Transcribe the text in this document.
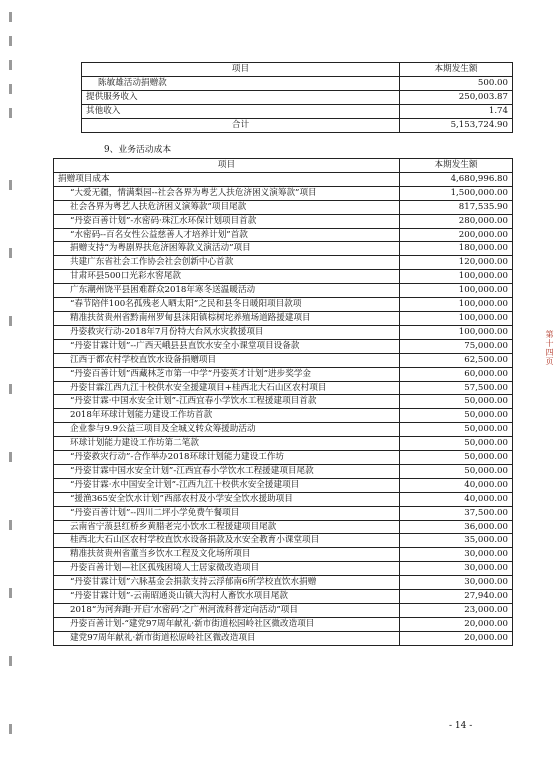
第十四页
项目	本期发生额
陈敏雄活动捐赠款	500.00
提供服务收入	250,003.87
其他收入	1.74
合计	5,153,724.90
9、业务活动成本
项目	本期发生额
捐赠项目成本	4,680,996.80
“大爱无疆，情满梨园--社会各界为粤艺人扶危济困义演筹款”项目	1,500,000.00
社会各界为粤艺人扶危济困义演筹款”项目尾款	817,535.90
“丹姿百善计划”-水密码·珠江水环保计划项目首款	280,000.00
“水密码--百名女性公益慈善人才培养计划”首款	200,000.00
捐赠支持“为粤剧界扶危济困筹款义演活动”项目	180,000.00
共建广东省社会工作协会社会创新中心首款	120,000.00
甘肃环县500口光彩水窖尾款	100,000.00
广东潮州饶平县困难群众2018年寒冬送温暖活动	100,000.00
“春节陪伴100名孤残老人晒太阳”之民和县冬日暖阳项目款项	100,000.00
精准扶贫贵州省黔南州罗甸县沫阳镇棕树坨养殖场道路援建项目	100,000.00
丹姿救灾行动-2018年7月份特大台风水灾救援项目	100,000.00
“丹姿甘霖计划”--广西天峨县县直饮水安全小课堂项目设备款	75,000.00
江西于都农村学校直饮水设备捐赠项目	62,500.00
“丹姿百善计划”西藏林芝市第一中学“丹姿英才计划”进步奖学金	60,000.00
丹姿甘霖江西九江十校供水安全援建项目+桂西北大石山区农村项目	57,500.00
“丹姿甘霖·中国水安全计划”-江西宜春小学饮水工程援建项目首款	50,000.00
2018年环球计划能力建设工作坊首款	50,000.00
企业参与9.9公益三项目及全城义转众筹援助活动	50,000.00
环球计划能力建设工作坊第二笔款	50,000.00
“丹姿救灾行动”-合作举办2018环球计划能力建设工作坊	50,000.00
“丹姿甘霖中国水安全计划”-江西宜春小学饮水工程援建项目尾款	50,000.00
“丹姿甘霖·水中国安全计划”-江西九江十校供水安全援建项目	40,000.00
“援渔365安全饮水计划”西部农村及小学安全饮水援助项目	40,000.00
“丹姿百善计划”--四川二坪小学免费午餐项目	37,500.00
云南省宁蒗县红桥乡黄腊老完小饮水工程援建项目尾款	36,000.00
桂西北大石山区农村学校直饮水设备捐款及水安全教育小课堂项目	35,000.00
精准扶贫贵州省董当乡饮水工程及文化场所项目	30,000.00
丹姿百善计划—社区孤残困境人士居家微改造项目	30,000.00
“丹姿甘霖计划”六脉基金会捐款支持云浮郁南6所学校直饮水捐赠	30,000.00
“丹姿甘霖计划”-云南昭通炎山镇大沟村人畜饮水项目尾款	27,940.00
2018“为河奔跑·开启‘水密码’之广州河流科普定向活动”项目	23,000.00
丹姿百善计划-“建党97周年献礼·新市街道松园岭社区微改造项目	20,000.00
建党97周年献礼·新市街道松原岭社区微改造项目	20,000.00
- 14 -
